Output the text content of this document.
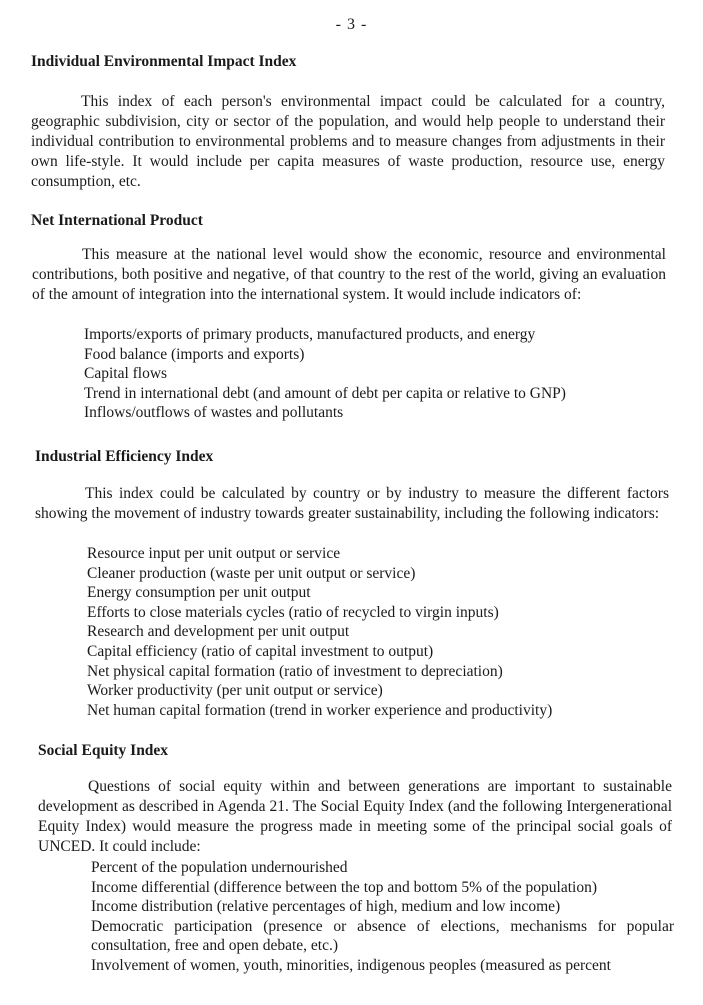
- 3 -
Individual Environmental Impact Index
This index of each person's environmental impact could be calculated for a country, geographic subdivision, city or sector of the population, and would help people to understand their individual contribution to environmental problems and to measure changes from adjustments in their own life-style. It would include per capita measures of waste production, resource use, energy consumption, etc.
Net International Product
This measure at the national level would show the economic, resource and environmental contributions, both positive and negative, of that country to the rest of the world, giving an evaluation of the amount of integration into the international system. It would include indicators of:
Imports/exports of primary products, manufactured products, and energy
Food balance (imports and exports)
Capital flows
Trend in international debt (and amount of debt per capita or relative to GNP)
Inflows/outflows of wastes and pollutants
Industrial Efficiency Index
This index could be calculated by country or by industry to measure the different factors showing the movement of industry towards greater sustainability, including the following indicators:
Resource input per unit output or service
Cleaner production (waste per unit output or service)
Energy consumption per unit output
Efforts to close materials cycles (ratio of recycled to virgin inputs)
Research and development per unit output
Capital efficiency (ratio of capital investment to output)
Net physical capital formation (ratio of investment to depreciation)
Worker productivity (per unit output or service)
Net human capital formation (trend in worker experience and productivity)
Social Equity Index
Questions of social equity within and between generations are important to sustainable development as described in Agenda 21. The Social Equity Index (and the following Intergenerational Equity Index) would measure the progress made in meeting some of the principal social goals of UNCED. It could include:
Percent of the population undernourished
Income differential (difference between the top and bottom 5% of the population)
Income distribution (relative percentages of high, medium and low income)
Democratic participation (presence or absence of elections, mechanisms for popular consultation, free and open debate, etc.)
Involvement of women, youth, minorities, indigenous peoples (measured as percent
